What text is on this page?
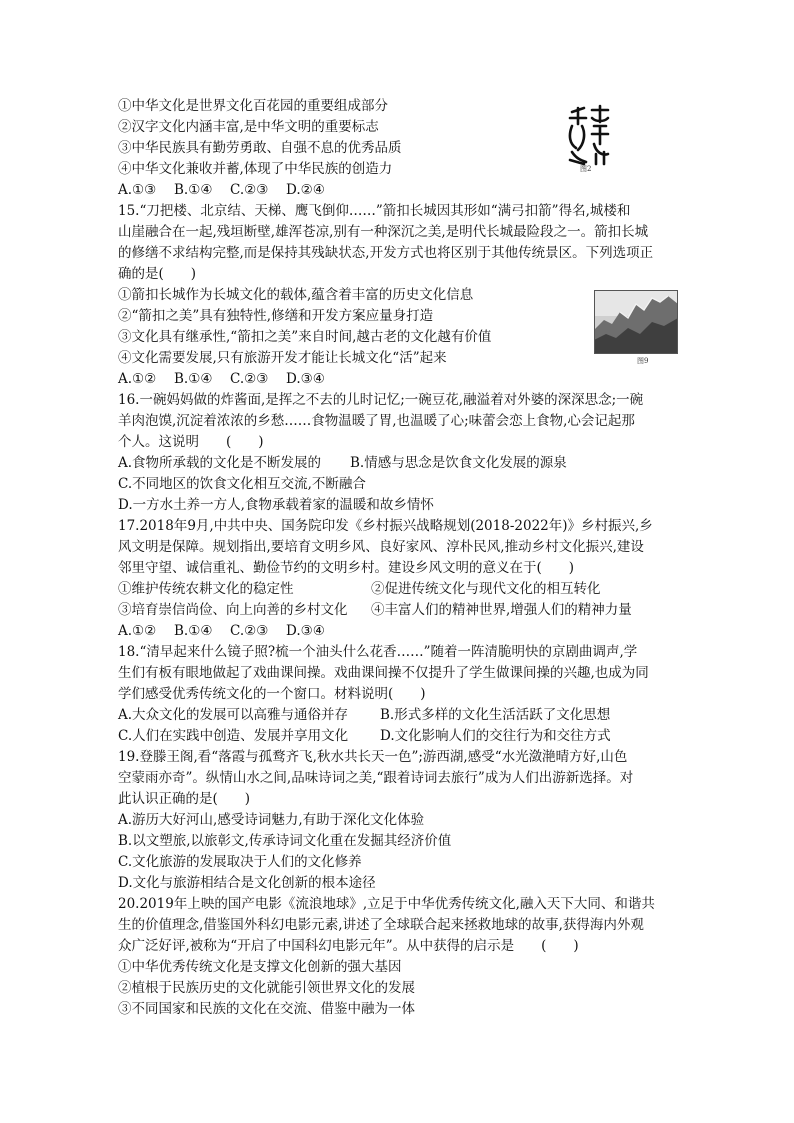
①中华文化是世界文化百花园的重要组成部分
②汉字文化内涵丰富,是中华文明的重要标志
③中华民族具有勤劳勇敢、自强不息的优秀品质
④中华文化兼收并蓄,体现了中华民族的创造力
A.①③ B.①④ C.②③ D.②④
图2
15.“刀把楼、北京结、天梯、鹰飞倒仰……”箭扣长城因其形如“满弓扣箭”得名,城楼和
山崖融合在一起,残垣断壁,雄浑苍凉,别有一种深沉之美,是明代长城最险段之一。箭扣长城
的修缮不求结构完整,而是保持其残缺状态,开发方式也将区别于其他传统景区。下列选项正
确的是(　　)
①箭扣长城作为长城文化的载体,蕴含着丰富的历史文化信息
②“箭扣之美”具有独特性,修缮和开发方案应量身打造
③文化具有继承性,“箭扣之美”来自时间,越古老的文化越有价值
④文化需要发展,只有旅游开发才能让长城文化“活”起来
A.①② B.①④ C.②③ D.③④
图9
16.一碗妈妈做的炸酱面,是挥之不去的儿时记忆;一碗豆花,融溢着对外婆的深深思念;一碗
羊肉泡馍,沉淀着浓浓的乡愁……食物温暖了胃,也温暖了心;味蕾会恋上食物,心会记起那
个人。这说明　　(　　)
A.食物所承载的文化是不断发展的 B.情感与思念是饮食文化发展的源泉
C.不同地区的饮食文化相互交流,不断融合
D.一方水土养一方人,食物承载着家的温暖和故乡情怀
17.2018年9月,中共中央、国务院印发《乡村振兴战略规划(2018-2022年)》乡村振兴,乡
风文明是保障。规划指出,要培育文明乡风、良好家风、淳朴民风,推动乡村文化振兴,建设
邻里守望、诚信重礼、勤俭节约的文明乡村。建设乡风文明的意义在于(　　)
①维护传统农耕文化的稳定性	②促进传统文化与现代文化的相互转化
③培育崇信尚俭、向上向善的乡村文化 ④丰富人们的精神世界,增强人们的精神力量
A.①② B.①④ C.②③ D.③④
18.“清早起来什么镜子照?梳一个油头什么花香……”随着一阵清脆明快的京剧曲调声,学
生们有板有眼地做起了戏曲课间操。戏曲课间操不仅提升了学生做课间操的兴趣,也成为同
学们感受优秀传统文化的一个窗口。材料说明(　　)
A.大众文化的发展可以高雅与通俗并存 B.形式多样的文化生活活跃了文化思想
C.人们在实践中创造、发展并享用文化 D.文化影响人们的交往行为和交往方式
19.登滕王阁,看“落霞与孤鹜齐飞,秋水共长天一色”;游西湖,感受“水光潋滟晴方好,山色
空蒙雨亦奇”。纵情山水之间,品味诗词之美,“跟着诗词去旅行”成为人们出游新选择。对
此认识正确的是(　　)
A.游历大好河山,感受诗词魅力,有助于深化文化体验
B.以文塑旅,以旅彰文,传承诗词文化重在发掘其经济价值
C.文化旅游的发展取决于人们的文化修养
D.文化与旅游相结合是文化创新的根本途径
20.2019年上映的国产电影《流浪地球》,立足于中华优秀传统文化,融入天下大同、和谐共
生的价值理念,借鉴国外科幻电影元素,讲述了全球联合起来拯救地球的故事,获得海内外观
众广泛好评,被称为“开启了中国科幻电影元年”。从中获得的启示是　　(　　)
①中华优秀传统文化是支撑文化创新的强大基因
②植根于民族历史的文化就能引领世界文化的发展
③不同国家和民族的文化在交流、借鉴中融为一体
